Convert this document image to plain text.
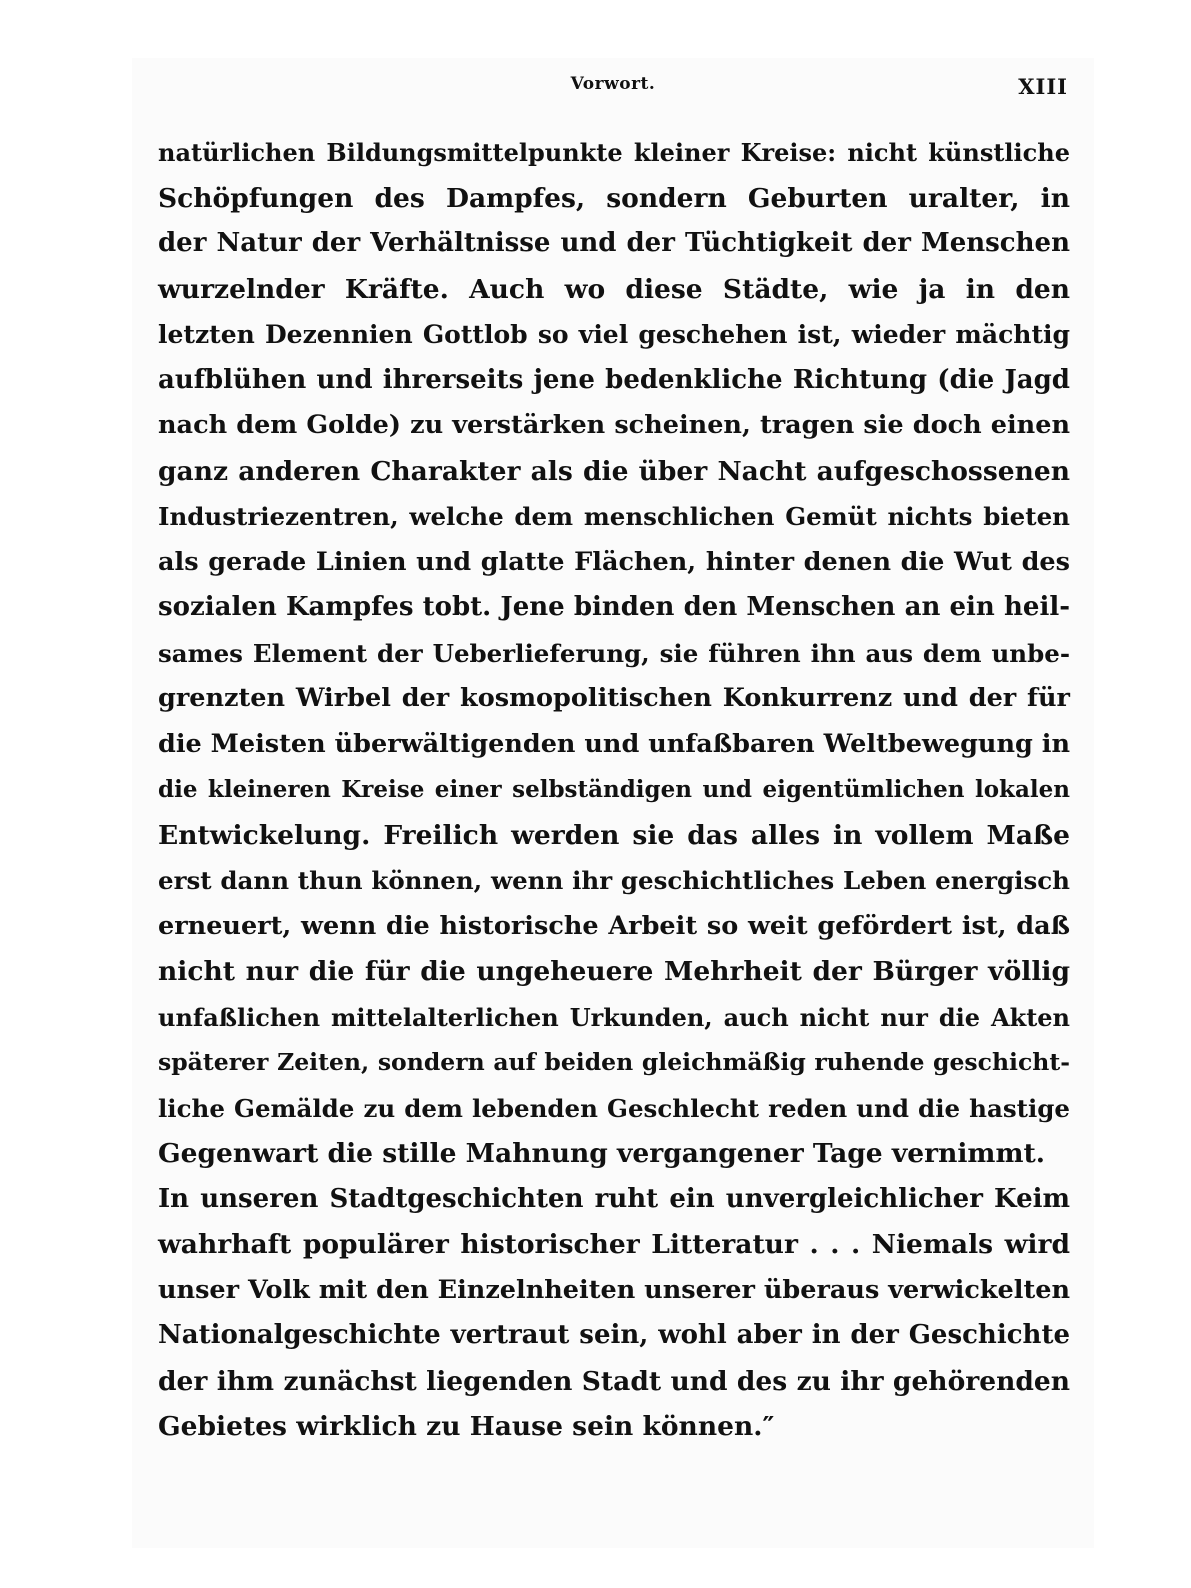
Vorwort.	XIII
natürlichen Bildungsmittelpunkte kleiner Kreise: nicht künstliche
Schöpfungen des Dampfes, sondern Geburten uralter, in
der Natur der Verhältnisse und der Tüchtigkeit der Menschen
wurzelnder Kräfte. Auch wo diese Städte, wie ja in den
letzten Dezennien Gottlob so viel geschehen ist, wieder mächtig
aufblühen und ihrerseits jene bedenkliche Richtung (die Jagd
nach dem Golde) zu verstärken scheinen, tragen sie doch einen
ganz anderen Charakter als die über Nacht aufgeschossenen
Industriezentren, welche dem menschlichen Gemüt nichts bieten
als gerade Linien und glatte Flächen, hinter denen die Wut des
sozialen Kampfes tobt. Jene binden den Menschen an ein heil-
sames Element der Ueberlieferung, sie führen ihn aus dem unbe-
grenzten Wirbel der kosmopolitischen Konkurrenz und der für
die Meisten überwältigenden und unfaßbaren Weltbewegung in
die kleineren Kreise einer selbständigen und eigentümlichen lokalen
Entwickelung. Freilich werden sie das alles in vollem Maße
erst dann thun können, wenn ihr geschichtliches Leben energisch
erneuert, wenn die historische Arbeit so weit gefördert ist, daß
nicht nur die für die ungeheuere Mehrheit der Bürger völlig
unfaßlichen mittelalterlichen Urkunden, auch nicht nur die Akten
späterer Zeiten, sondern auf beiden gleichmäßig ruhende geschicht-
liche Gemälde zu dem lebenden Geschlecht reden und die hastige
Gegenwart die stille Mahnung vergangener Tage vernimmt.
In unseren Stadtgeschichten ruht ein unvergleichlicher Keim
wahrhaft populärer historischer Litteratur . . . Niemals wird
unser Volk mit den Einzelnheiten unserer überaus verwickelten
Nationalgeschichte vertraut sein, wohl aber in der Geschichte
der ihm zunächst liegenden Stadt und des zu ihr gehörenden
Gebietes wirklich zu Hause sein können.″
